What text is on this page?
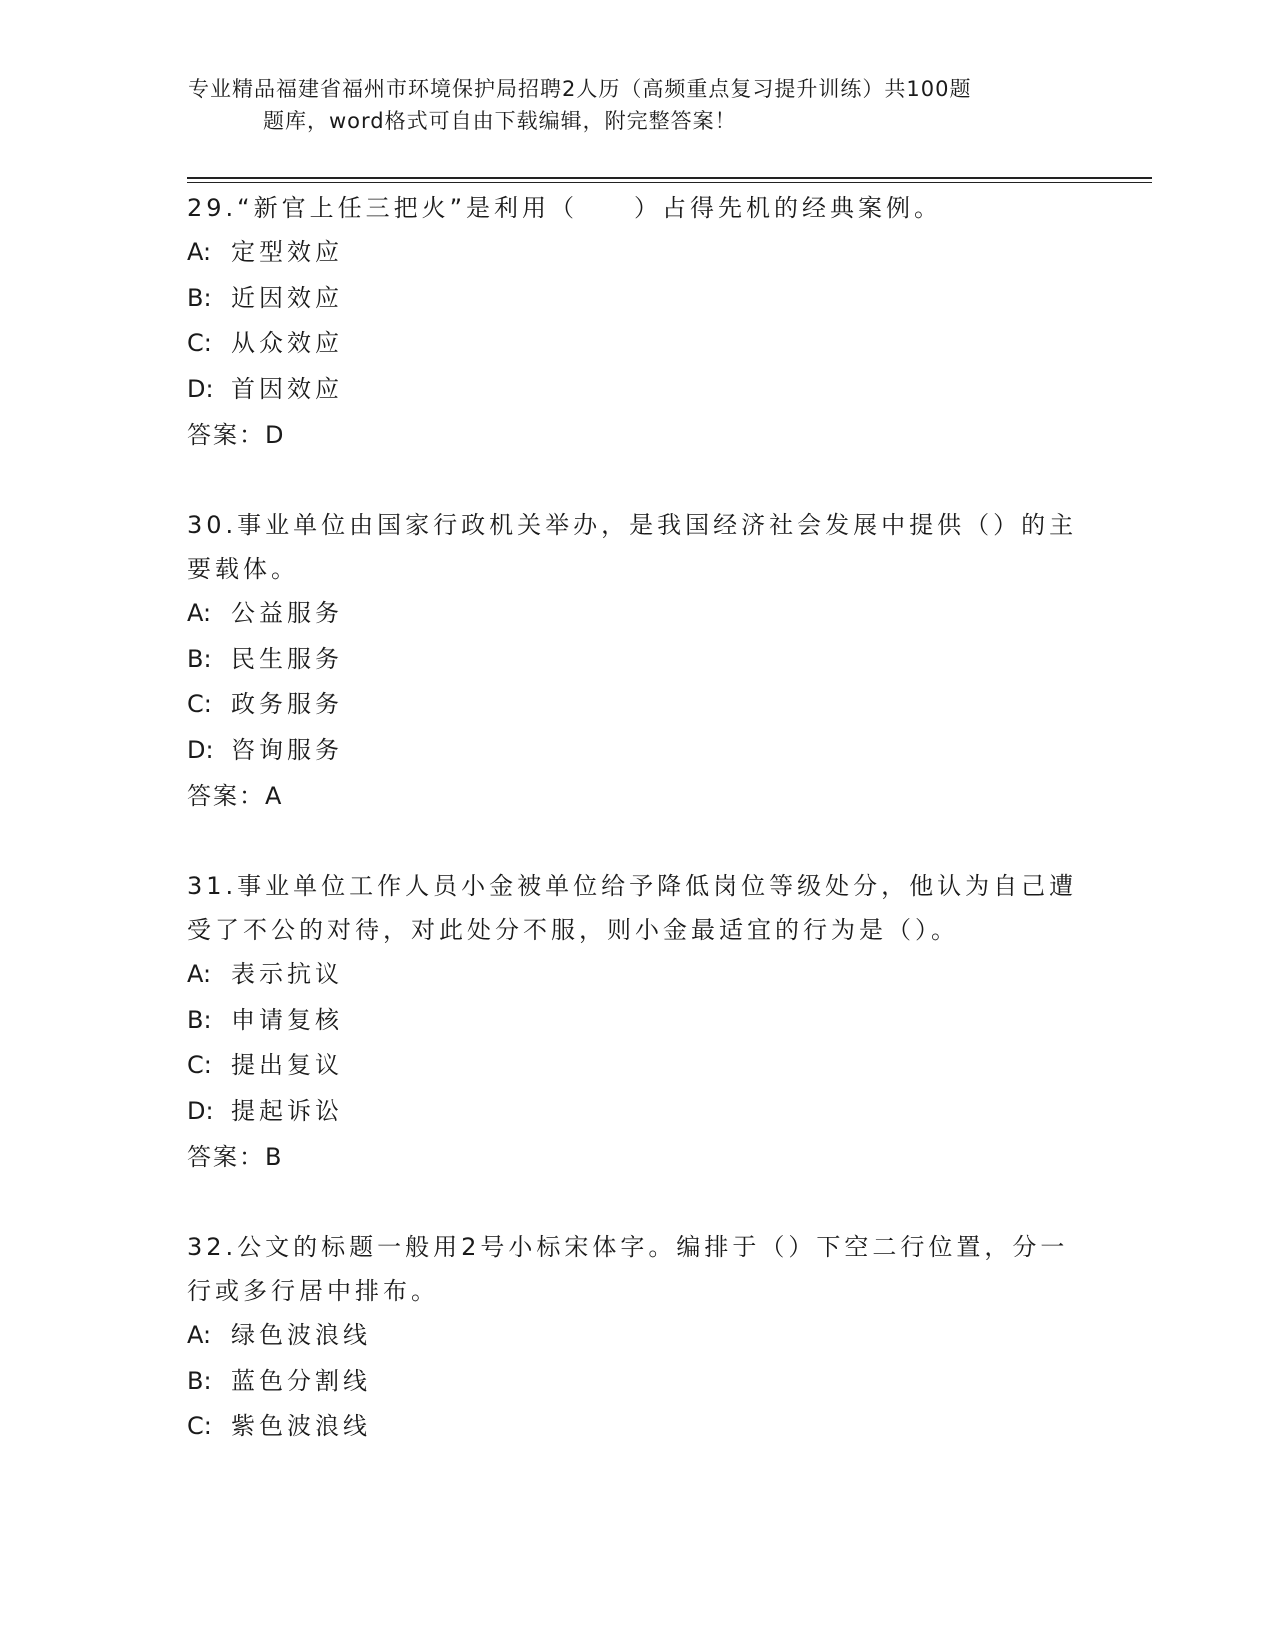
专业精品福建省福州市环境保护局招聘2人历（高频重点复习提升训练）共100题
题库，word格式可自由下载编辑，附完整答案！

29.“新官上任三把火”是利用（　　）占得先机的经典案例。

A: 定型效应

B: 近因效应

C: 从众效应

D: 首因效应

答案：D

30.事业单位由国家行政机关举办，是我国经济社会发展中提供（）的主要载体。

A: 公益服务

B: 民生服务

C: 政务服务

D: 咨询服务

答案：A

31.事业单位工作人员小金被单位给予降低岗位等级处分，他认为自己遭受了不公的对待，对此处分不服，则小金最适宜的行为是（）。

A: 表示抗议

B: 申请复核

C: 提出复议

D: 提起诉讼

答案：B

32.公文的标题一般用2号小标宋体字。编排于（）下空二行位置，分一行或多行居中排布。

A: 绿色波浪线

B: 蓝色分割线

C: 紫色波浪线
